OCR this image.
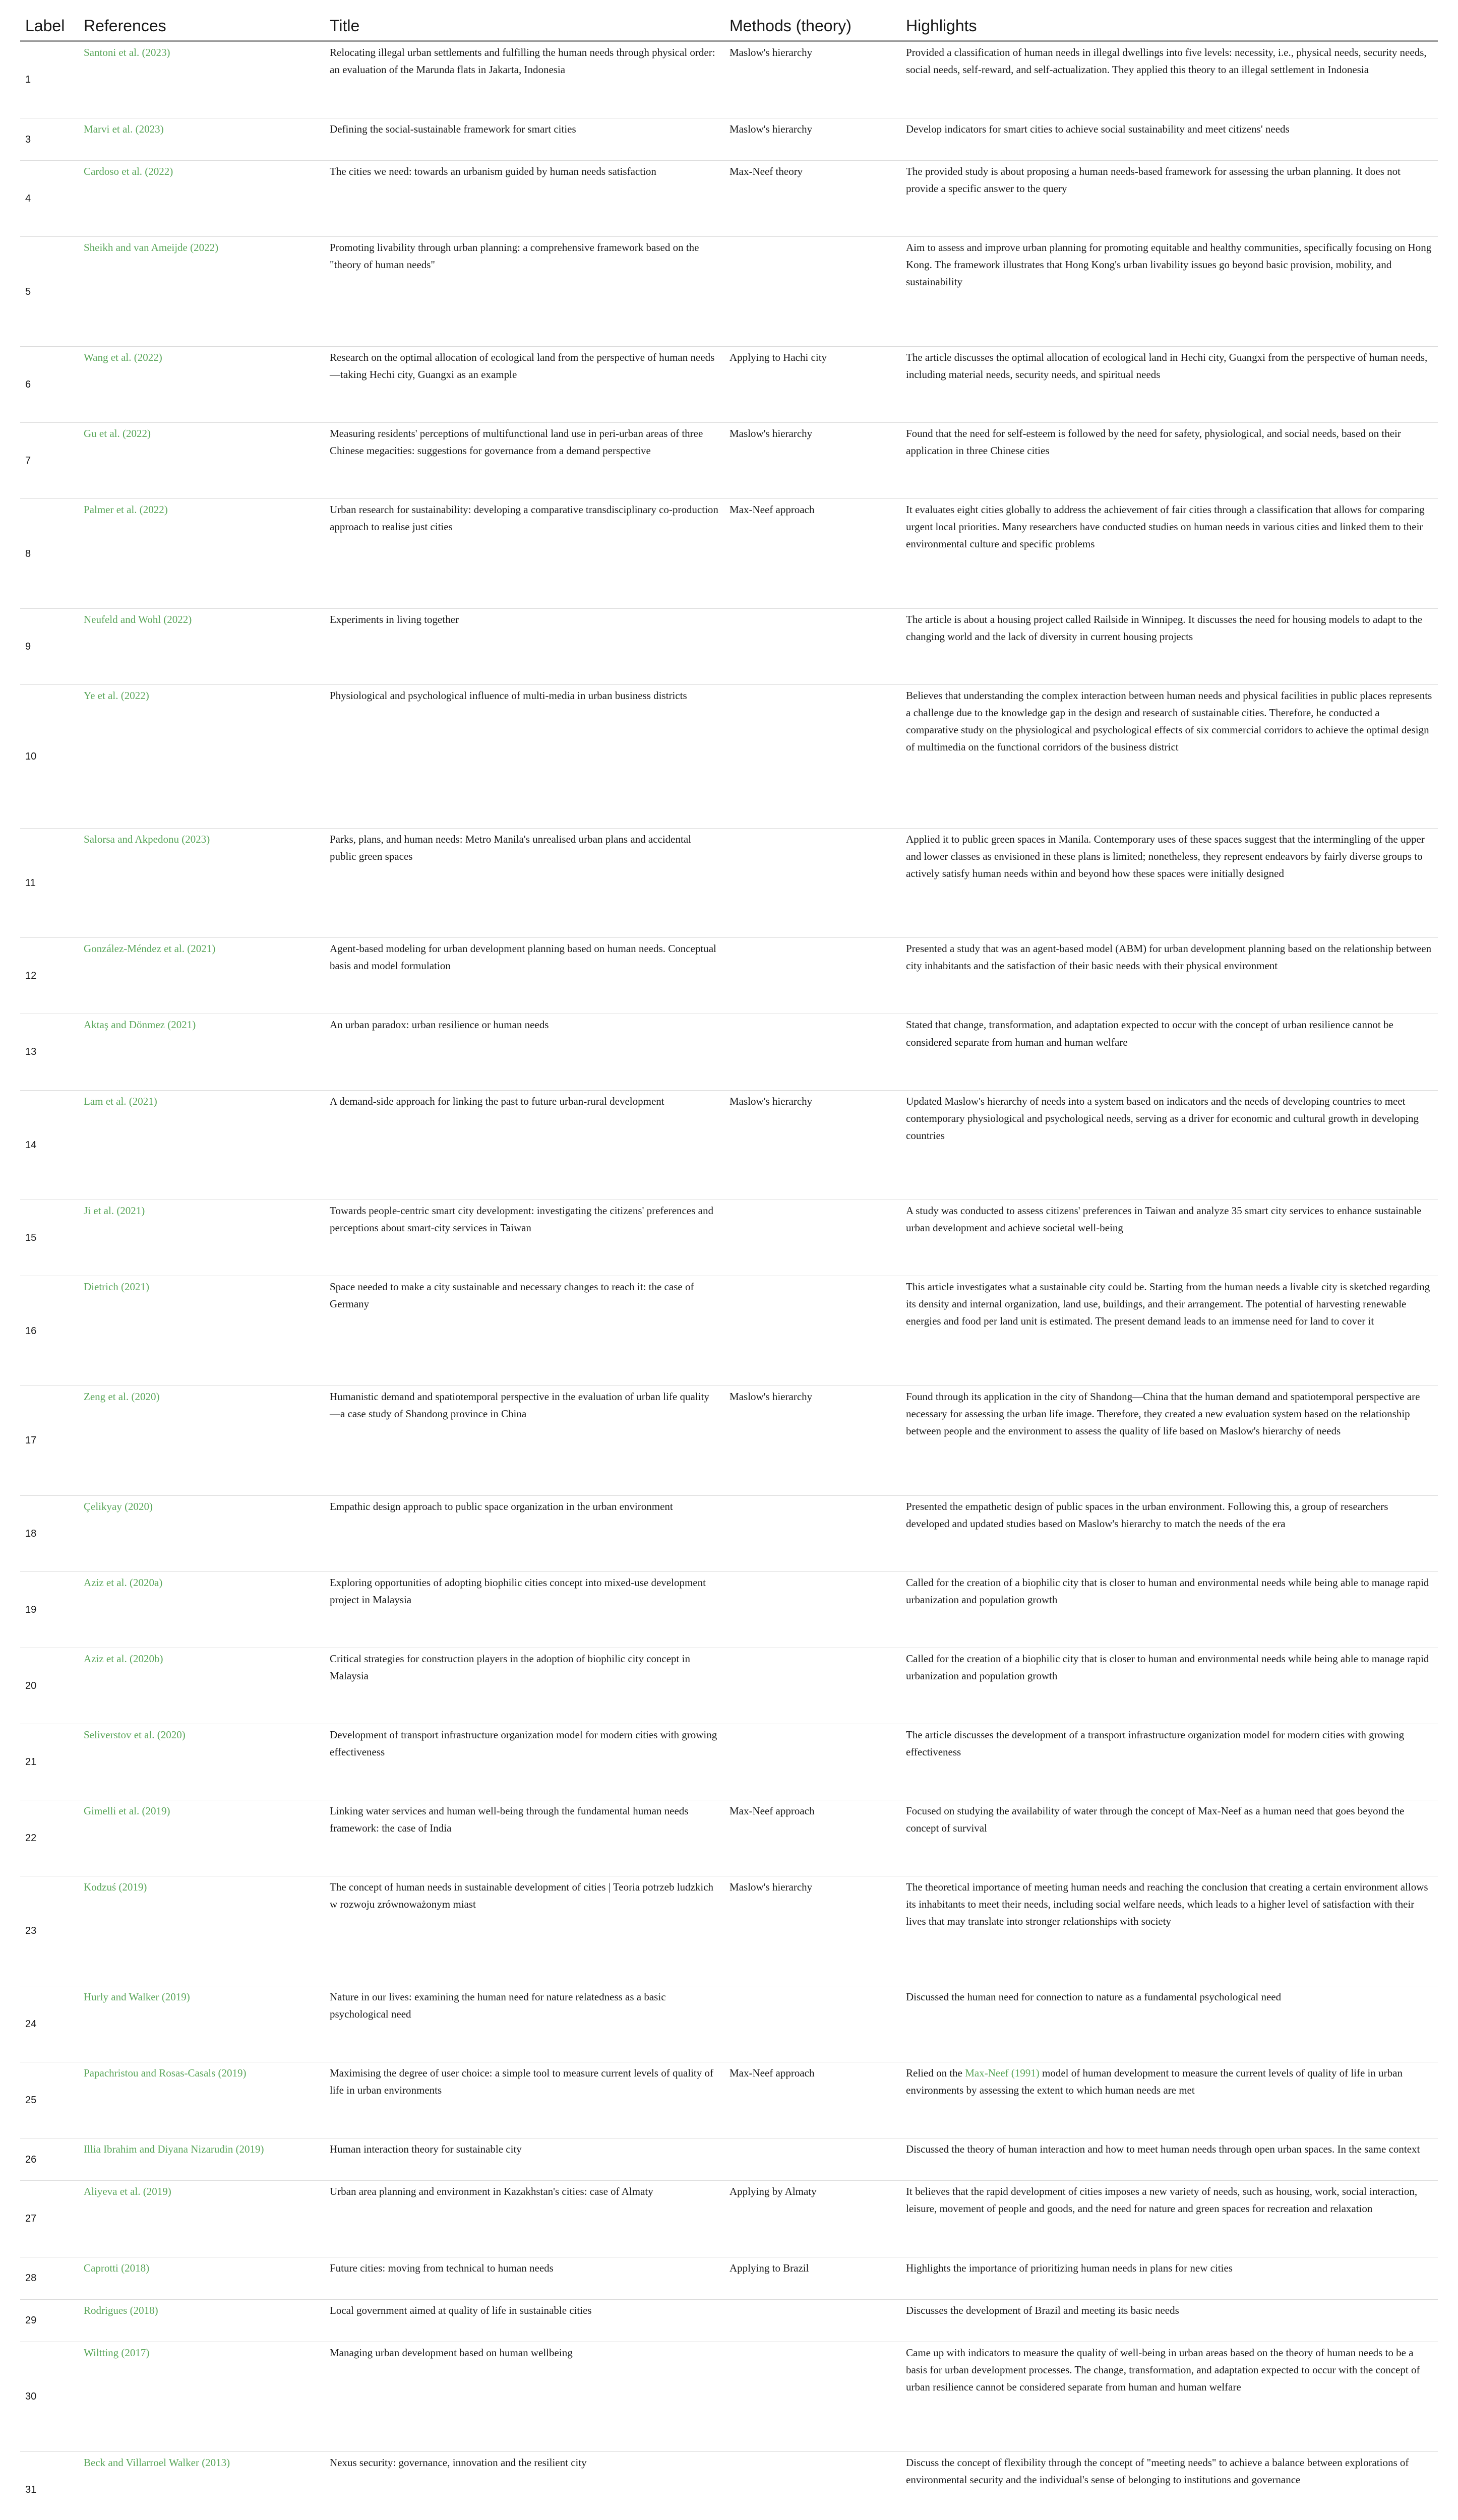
Label	References	Title	Methods (theory)	Highlights
1	Santoni et al. (2023)	Relocating illegal urban settlements and fulfilling the human needs through physical order: an evaluation of the Marunda flats in Jakarta, Indonesia	Maslow's hierarchy	Provided a classification of human needs in illegal dwellings into five levels: necessity, i.e., physical needs, security needs, social needs, self-reward, and self-actualization. They applied this theory to an illegal settlement in Indonesia
3	Marvi et al. (2023)	Defining the social-sustainable framework for smart cities	Maslow's hierarchy	Develop indicators for smart cities to achieve social sustainability and meet citizens' needs
4	Cardoso et al. (2022)	The cities we need: towards an urbanism guided by human needs satisfaction	Max-Neef theory	The provided study is about proposing a human needs-based framework for assessing the urban planning. It does not provide a specific answer to the query
5	Sheikh and van Ameijde (2022)	Promoting livability through urban planning: a comprehensive framework based on the "theory of human needs"		Aim to assess and improve urban planning for promoting equitable and healthy communities, specifically focusing on Hong Kong. The framework illustrates that Hong Kong's urban livability issues go beyond basic provision, mobility, and sustainability
6	Wang et al. (2022)	Research on the optimal allocation of ecological land from the perspective of human needs—taking Hechi city, Guangxi as an example	Applying to Hachi city	The article discusses the optimal allocation of ecological land in Hechi city, Guangxi from the perspective of human needs, including material needs, security needs, and spiritual needs
7	Gu et al. (2022)	Measuring residents' perceptions of multifunctional land use in peri-urban areas of three Chinese megacities: suggestions for governance from a demand perspective	Maslow's hierarchy	Found that the need for self-esteem is followed by the need for safety, physiological, and social needs, based on their application in three Chinese cities
8	Palmer et al. (2022)	Urban research for sustainability: developing a comparative transdisciplinary co-production approach to realise just cities	Max-Neef approach	It evaluates eight cities globally to address the achievement of fair cities through a classification that allows for comparing urgent local priorities. Many researchers have conducted studies on human needs in various cities and linked them to their environmental culture and specific problems
9	Neufeld and Wohl (2022)	Experiments in living together		The article is about a housing project called Railside in Winnipeg. It discusses the need for housing models to adapt to the changing world and the lack of diversity in current housing projects
10	Ye et al. (2022)	Physiological and psychological influence of multi-media in urban business districts		Believes that understanding the complex interaction between human needs and physical facilities in public places represents a challenge due to the knowledge gap in the design and research of sustainable cities. Therefore, he conducted a comparative study on the physiological and psychological effects of six commercial corridors to achieve the optimal design of multimedia on the functional corridors of the business district
11	Salorsa and Akpedonu (2023)	Parks, plans, and human needs: Metro Manila's unrealised urban plans and accidental public green spaces		Applied it to public green spaces in Manila. Contemporary uses of these spaces suggest that the intermingling of the upper and lower classes as envisioned in these plans is limited; nonetheless, they represent endeavors by fairly diverse groups to actively satisfy human needs within and beyond how these spaces were initially designed
12	González-Méndez et al. (2021)	Agent-based modeling for urban development planning based on human needs. Conceptual basis and model formulation		Presented a study that was an agent-based model (ABM) for urban development planning based on the relationship between city inhabitants and the satisfaction of their basic needs with their physical environment
13	Aktaş and Dönmez (2021)	An urban paradox: urban resilience or human needs		Stated that change, transformation, and adaptation expected to occur with the concept of urban resilience cannot be considered separate from human and human welfare
14	Lam et al. (2021)	A demand-side approach for linking the past to future urban-rural development	Maslow's hierarchy	Updated Maslow's hierarchy of needs into a system based on indicators and the needs of developing countries to meet contemporary physiological and psychological needs, serving as a driver for economic and cultural growth in developing countries
15	Ji et al. (2021)	Towards people-centric smart city development: investigating the citizens' preferences and perceptions about smart-city services in Taiwan		A study was conducted to assess citizens' preferences in Taiwan and analyze 35 smart city services to enhance sustainable urban development and achieve societal well-being
16	Dietrich (2021)	Space needed to make a city sustainable and necessary changes to reach it: the case of Germany		This article investigates what a sustainable city could be. Starting from the human needs a livable city is sketched regarding its density and internal organization, land use, buildings, and their arrangement. The potential of harvesting renewable energies and food per land unit is estimated. The present demand leads to an immense need for land to cover it
17	Zeng et al. (2020)	Humanistic demand and spatiotemporal perspective in the evaluation of urban life quality—a case study of Shandong province in China	Maslow's hierarchy	Found through its application in the city of Shandong—China that the human demand and spatiotemporal perspective are necessary for assessing the urban life image. Therefore, they created a new evaluation system based on the relationship between people and the environment to assess the quality of life based on Maslow's hierarchy of needs
18	Çelikyay (2020)	Empathic design approach to public space organization in the urban environment		Presented the empathetic design of public spaces in the urban environment. Following this, a group of researchers developed and updated studies based on Maslow's hierarchy to match the needs of the era
19	Aziz et al. (2020a)	Exploring opportunities of adopting biophilic cities concept into mixed-use development project in Malaysia		Called for the creation of a biophilic city that is closer to human and environmental needs while being able to manage rapid urbanization and population growth
20	Aziz et al. (2020b)	Critical strategies for construction players in the adoption of biophilic city concept in Malaysia		Called for the creation of a biophilic city that is closer to human and environmental needs while being able to manage rapid urbanization and population growth
21	Seliverstov et al. (2020)	Development of transport infrastructure organization model for modern cities with growing effectiveness		The article discusses the development of a transport infrastructure organization model for modern cities with growing effectiveness
22	Gimelli et al. (2019)	Linking water services and human well-being through the fundamental human needs framework: the case of India	Max-Neef approach	Focused on studying the availability of water through the concept of Max-Neef as a human need that goes beyond the concept of survival
23	Kodzuś (2019)	The concept of human needs in sustainable development of cities | Teoria potrzeb ludzkich w rozwoju zrównoważonym miast	Maslow's hierarchy	The theoretical importance of meeting human needs and reaching the conclusion that creating a certain environment allows its inhabitants to meet their needs, including social welfare needs, which leads to a higher level of satisfaction with their lives that may translate into stronger relationships with society
24	Hurly and Walker (2019)	Nature in our lives: examining the human need for nature relatedness as a basic psychological need		Discussed the human need for connection to nature as a fundamental psychological need
25	Papachristou and Rosas-Casals (2019)	Maximising the degree of user choice: a simple tool to measure current levels of quality of life in urban environments	Max-Neef approach	Relied on the Max-Neef (1991) model of human development to measure the current levels of quality of life in urban environments by assessing the extent to which human needs are met
26	Illia Ibrahim and Diyana Nizarudin (2019)	Human interaction theory for sustainable city		Discussed the theory of human interaction and how to meet human needs through open urban spaces. In the same context
27	Aliyeva et al. (2019)	Urban area planning and environment in Kazakhstan's cities: case of Almaty	Applying by Almaty	It believes that the rapid development of cities imposes a new variety of needs, such as housing, work, social interaction, leisure, movement of people and goods, and the need for nature and green spaces for recreation and relaxation
28	Caprotti (2018)	Future cities: moving from technical to human needs	Applying to Brazil	Highlights the importance of prioritizing human needs in plans for new cities
29	Rodrigues (2018)	Local government aimed at quality of life in sustainable cities		Discusses the development of Brazil and meeting its basic needs
30	Wiltting (2017)	Managing urban development based on human wellbeing		Came up with indicators to measure the quality of well-being in urban areas based on the theory of human needs to be a basis for urban development processes. The change, transformation, and adaptation expected to occur with the concept of urban resilience cannot be considered separate from human and human welfare
31	Beck and Villarroel Walker (2013)	Nexus security: governance, innovation and the resilient city		Discuss the concept of flexibility through the concept of "meeting needs" to achieve a balance between explorations of environmental security and the individual's sense of belonging to institutions and governance
